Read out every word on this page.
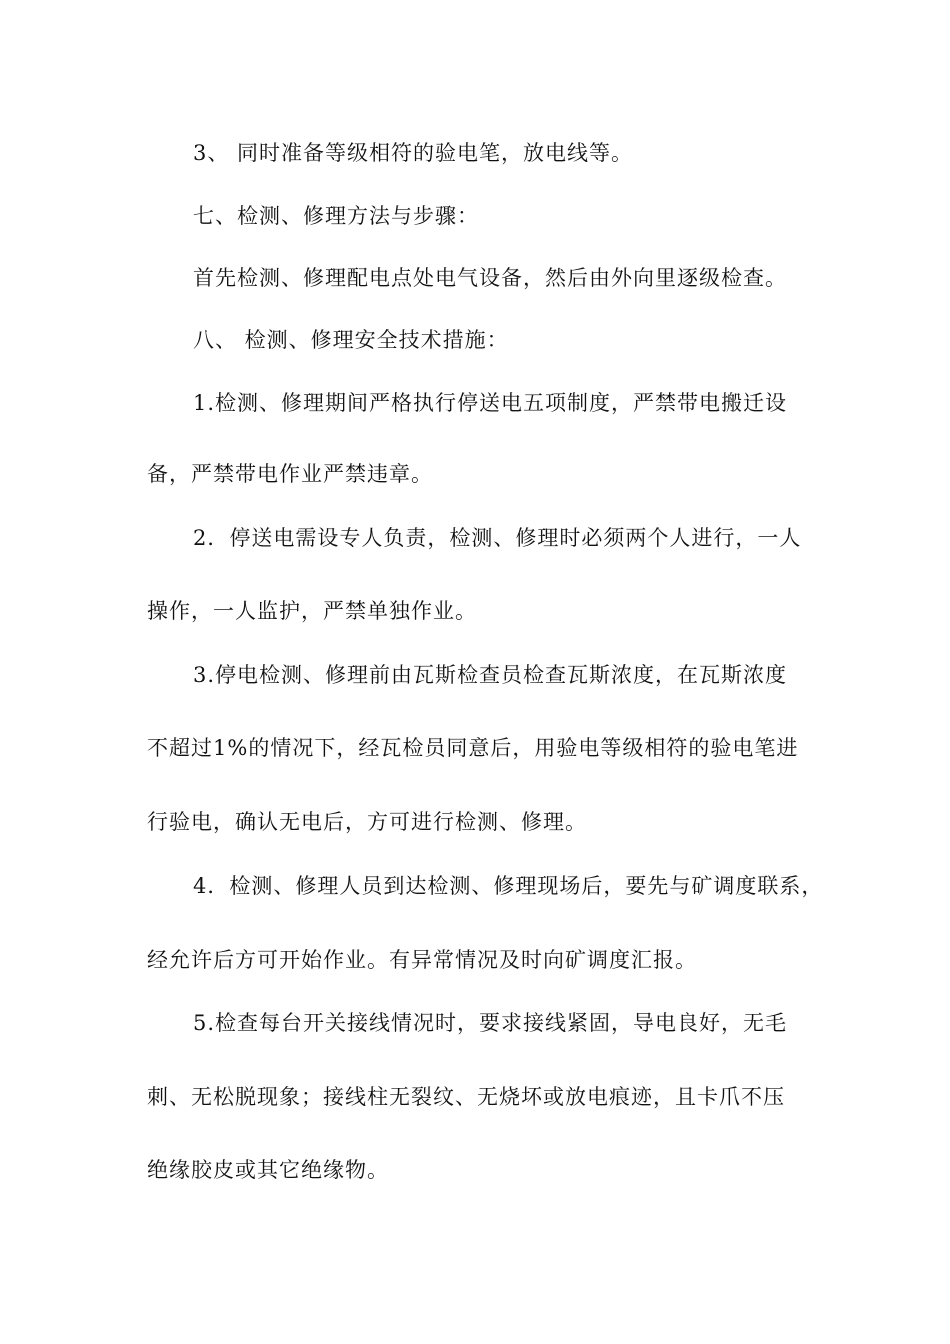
3、 同时准备等级相符的验电笔，放电线等。
七、检测、修理方法与步骤：
首先检测、修理配电点处电气设备，然后由外向里逐级检查。
八、 检测、修理安全技术措施：
1.检测、修理期间严格执行停送电五项制度，严禁带电搬迁设
备，严禁带电作业严禁违章。
2．停送电需设专人负责，检测、修理时必须两个人进行，一人
操作，一人监护，严禁单独作业。
3.停电检测、修理前由瓦斯检查员检查瓦斯浓度，在瓦斯浓度
不超过1%的情况下，经瓦检员同意后，用验电等级相符的验电笔进
行验电，确认无电后，方可进行检测、修理。
4．检测、修理人员到达检测、修理现场后，要先与矿调度联系，
经允许后方可开始作业。有异常情况及时向矿调度汇报。
5.检查每台开关接线情况时，要求接线紧固，导电良好，无毛
刺、无松脱现象；接线柱无裂纹、无烧坏或放电痕迹，且卡爪不压
绝缘胶皮或其它绝缘物。
